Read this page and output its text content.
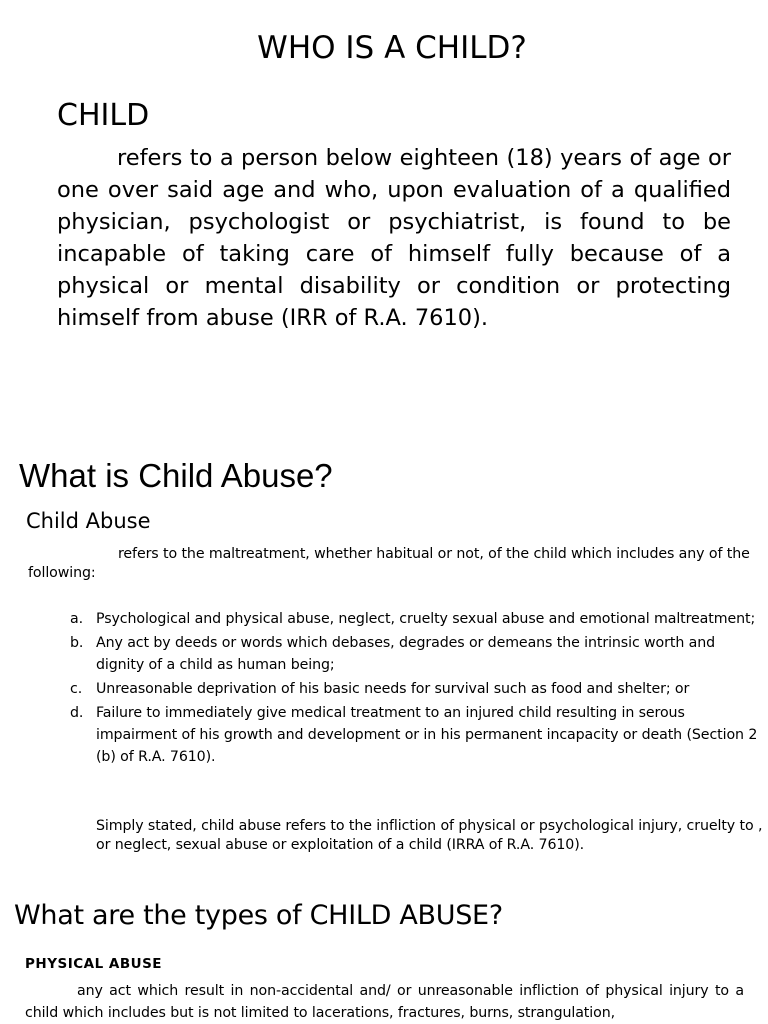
WHO IS A CHILD?
CHILD
refers to a person below eighteen (18) years of age or one over said age and who, upon evaluation of a qualified physician, psychologist or psychiatrist, is found to be incapable of taking care of himself fully because of a physical or mental disability or condition or protecting himself from abuse (IRR of R.A. 7610).
What is Child Abuse?
Child Abuse
refers to the maltreatment, whether habitual or not, of the child which includes any of the following:
a. Psychological and physical abuse, neglect, cruelty sexual abuse and emotional maltreatment;
b. Any act by deeds or words which debases, degrades or demeans the intrinsic worth and dignity of a child as human being;
c. Unreasonable deprivation of his basic needs for survival such as food and shelter; or
d. Failure to immediately give medical treatment to an injured child resulting in serous impairment of his growth and development or in his permanent incapacity or death (Section 2 (b) of R.A. 7610).
Simply stated, child abuse refers to the infliction of physical or psychological injury, cruelty to , or neglect, sexual abuse or exploitation of a child (IRRA of R.A. 7610).
What are the types of CHILD ABUSE?
PHYSICAL ABUSE
any act which result in non-accidental and/ or unreasonable infliction of physical injury to a child which includes but is not limited to lacerations, fractures, burns, strangulation,
